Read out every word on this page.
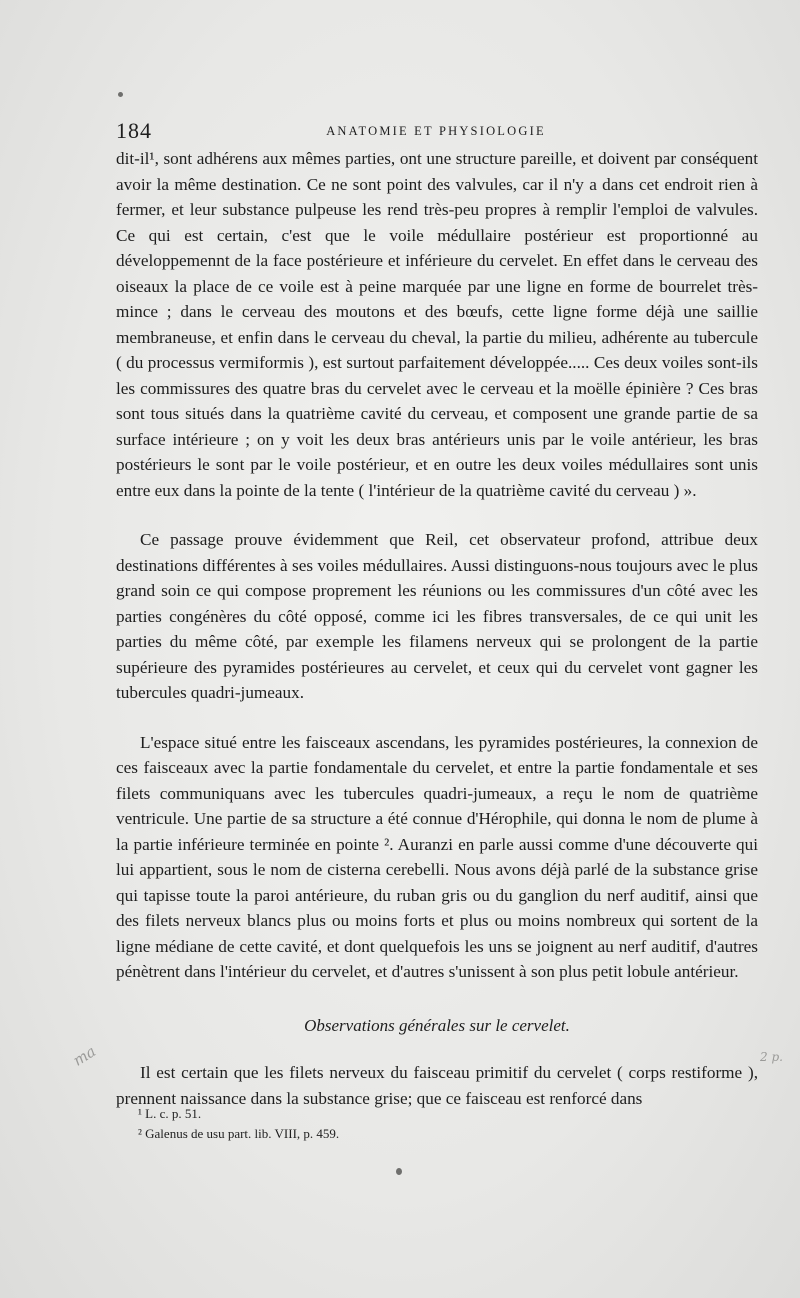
184	ANATOMIE ET PHYSIOLOGIE

dit-il¹, sont adhérens aux mêmes parties, ont une structure pareille, et doivent par conséquent avoir la même destination. Ce ne sont point des valvules, car il n'y a dans cet endroit rien à fermer, et leur substance pulpeuse les rend très-peu propres à remplir l'emploi de valvules. Ce qui est certain, c'est que le voile médullaire postérieur est proportionné au développemennt de la face postérieure et inférieure du cervelet. En effet dans le cerveau des oiseaux la place de ce voile est à peine marquée par une ligne en forme de bourrelet très-mince ; dans le cerveau des moutons et des bœufs, cette ligne forme déjà une saillie membraneuse, et enfin dans le cerveau du cheval, la partie du milieu, adhérente au tubercule ( du processus vermiformis ), est surtout parfaitement développée..... Ces deux voiles sont-ils les commissures des quatre bras du cervelet avec le cerveau et la moëlle épinière ? Ces bras sont tous situés dans la quatrième cavité du cerveau, et composent une grande partie de sa surface intérieure ; on y voit les deux bras antérieurs unis par le voile antérieur, les bras postérieurs le sont par le voile postérieur, et en outre les deux voiles médullaires sont unis entre eux dans la pointe de la tente ( l'intérieur de la quatrième cavité du cerveau ) ».

Ce passage prouve évidemment que Reil, cet observateur profond, attribue deux destinations différentes à ses voiles médullaires. Aussi distinguons-nous toujours avec le plus grand soin ce qui compose proprement les réunions ou les commissures d'un côté avec les parties congénères du côté opposé, comme ici les fibres transversales, de ce qui unit les parties du même côté, par exemple les filamens nerveux qui se prolongent de la partie supérieure des pyramides postérieures au cervelet, et ceux qui du cervelet vont gagner les tubercules quadri-jumeaux.

L'espace situé entre les faisceaux ascendans, les pyramides postérieures, la connexion de ces faisceaux avec la partie fondamentale du cervelet, et entre la partie fondamentale et ses filets communiquans avec les tubercules quadri-jumeaux, a reçu le nom de quatrième ventricule. Une partie de sa structure a été connue d'Hérophile, qui donna le nom de plume à la partie inférieure terminée en pointe ². Auranzi en parle aussi comme d'une découverte qui lui appartient, sous le nom de cisterna cerebelli. Nous avons déjà parlé de la substance grise qui tapisse toute la paroi antérieure, du ruban gris ou du ganglion du nerf auditif, ainsi que des filets nerveux blancs plus ou moins forts et plus ou moins nombreux qui sortent de la ligne médiane de cette cavité, et dont quelquefois les uns se joignent au nerf auditif, d'autres pénètrent dans l'intérieur du cervelet, et d'autres s'unissent à son plus petit lobule antérieur.

Observations générales sur le cervelet.

Il est certain que les filets nerveux du faisceau primitif du cervelet ( corps restiforme ), prennent naissance dans la substance grise; que ce faisceau est renforcé dans

¹ L. c. p. 51.
² Galenus de usu part. lib. VIII, p. 459.
ma	2 p.
